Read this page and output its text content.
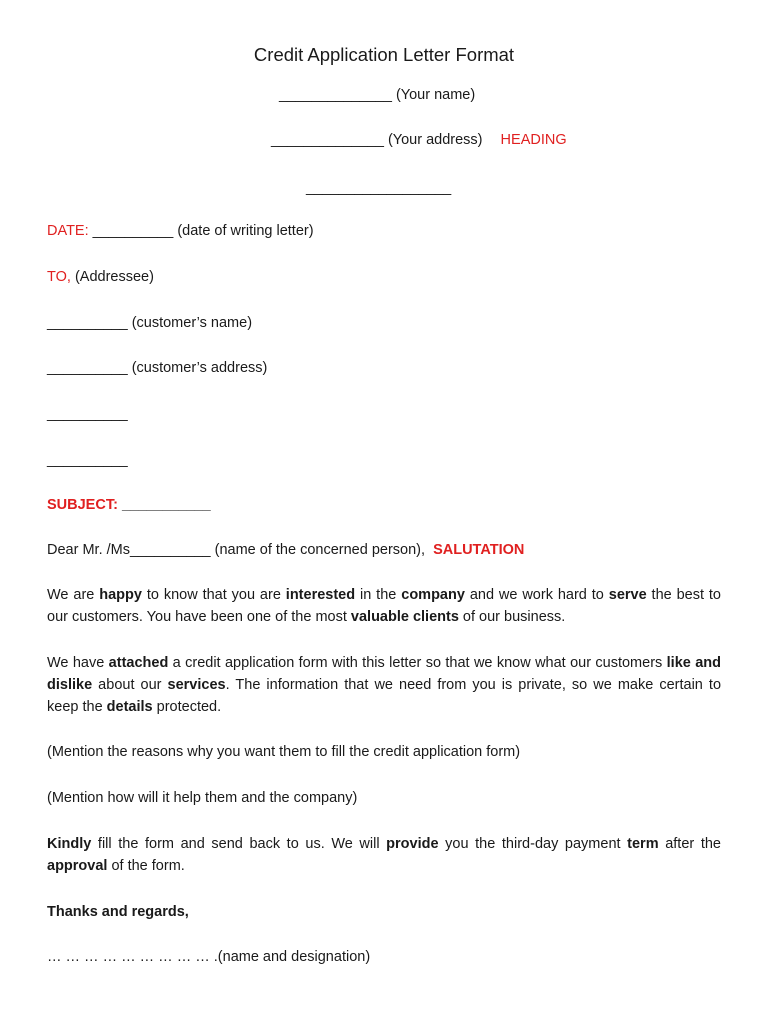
Credit Application Letter Format
______________ (Your name)
______________ (Your address) HEADING
__________________
DATE: __________ (date of writing letter)
TO, (Addressee)
__________ (customer’s name)
__________ (customer’s address)
__________
__________
SUBJECT: ___________
Dear Mr. /Ms__________ (name of the concerned person), SALUTATION
We are happy to know that you are interested in the company and we work hard to serve the best to our customers. You have been one of the most valuable clients of our business.
We have attached a credit application form with this letter so that we know what our customers like and dislike about our services. The information that we need from you is private, so we make certain to keep the details protected.
(Mention the reasons why you want them to fill the credit application form)
(Mention how will it help them and the company)
Kindly fill the form and send back to us. We will provide you the third-day payment term after the approval of the form.
Thanks and regards,
… … … … … … … … … .(name and designation)
